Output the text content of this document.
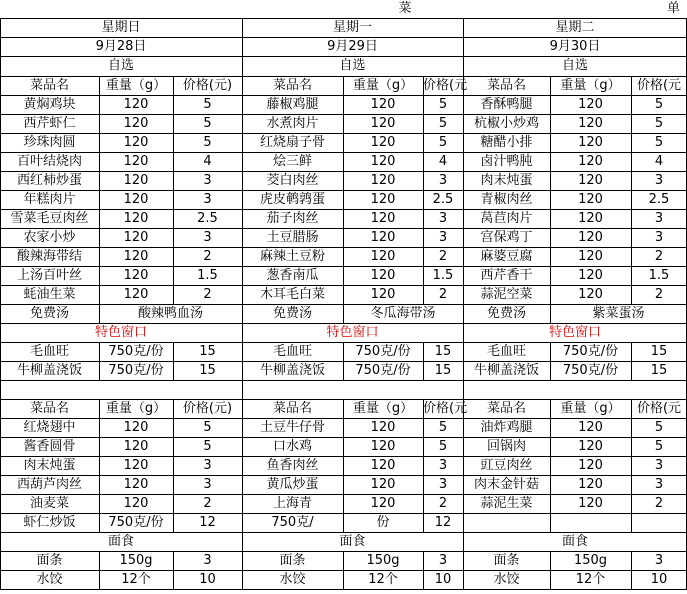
菜	单
星期日
9月28日
自选
菜品名	重量（g）	价格(元)
黄焖鸡块	120	5
西芹虾仁	120	5
珍珠肉圆	120	5
百叶结烧肉	120	4
西红柿炒蛋	120	3
年糕肉片	120	3
雪菜毛豆肉丝	120	2.5
农家小炒	120	3
酸辣海带结	120	2
上汤百叶丝	120	1.5
蚝油生菜	120	2
免费汤	酸辣鸭血汤
特色窗口
毛血旺	750克/份	15
牛柳盖浇饭	750克/份	15
菜品名	重量（g）	价格(元)
红烧翅中	120	5
酱香圆骨	120	5
肉末炖蛋	120	3
西葫芦肉丝	120	3
油麦菜	120	2
虾仁炒饭	750克/份	12
面食
面条	150g	3
水饺	12个	10
星期一
9月29日
自选
菜品名	重量（g） 价格(元
藤椒鸡腿	120	5
水煮肉片	120	5
红烧扇子骨	120	5
烩三鲜	120	4
茭白肉丝	120	3
虎皮鹌鹑蛋	120	2.5
茄子肉丝	120	3
土豆腊肠	120	3
麻辣土豆粉	120	2
葱香南瓜	120	1.5
木耳毛白菜	120	2
免费汤	冬瓜海带汤
特色窗口
毛血旺	750克/份	15
牛柳盖浇饭	750克/份	15
菜品名	重量（g） 价格(元
土豆牛仔骨	120	5
口水鸡	120	5
鱼香肉丝	120	3
黄瓜炒蛋	120	3
上海青	120	2
750克/	份	12
面食
面条	150g	3
水饺	12个	10
星期二
9月30日
自选
菜品名	重量（g）	价格(元
香酥鸭腿	120	5
杭椒小炒鸡	120	5
糖醋小排	120	5
卤汁鸭肫	120	4
肉末炖蛋	120	3
青椒肉丝	120	2.5
莴苣肉片	120	3
宫保鸡丁	120	3
麻婆豆腐	120	2
西芹香干	120	1.5
蒜泥空菜	120	2
免费汤	紫菜蛋汤
特色窗口
毛血旺	750克/份	15
牛柳盖浇饭	750克/份	15
菜品名	重量（g）	价格(元
油炸鸡腿	120	5
回锅肉	120	5
豇豆肉丝	120	3
肉末金针菇	120	3
蒜泥生菜	120	2
面食
面条	150g	3
水饺	12个	10
